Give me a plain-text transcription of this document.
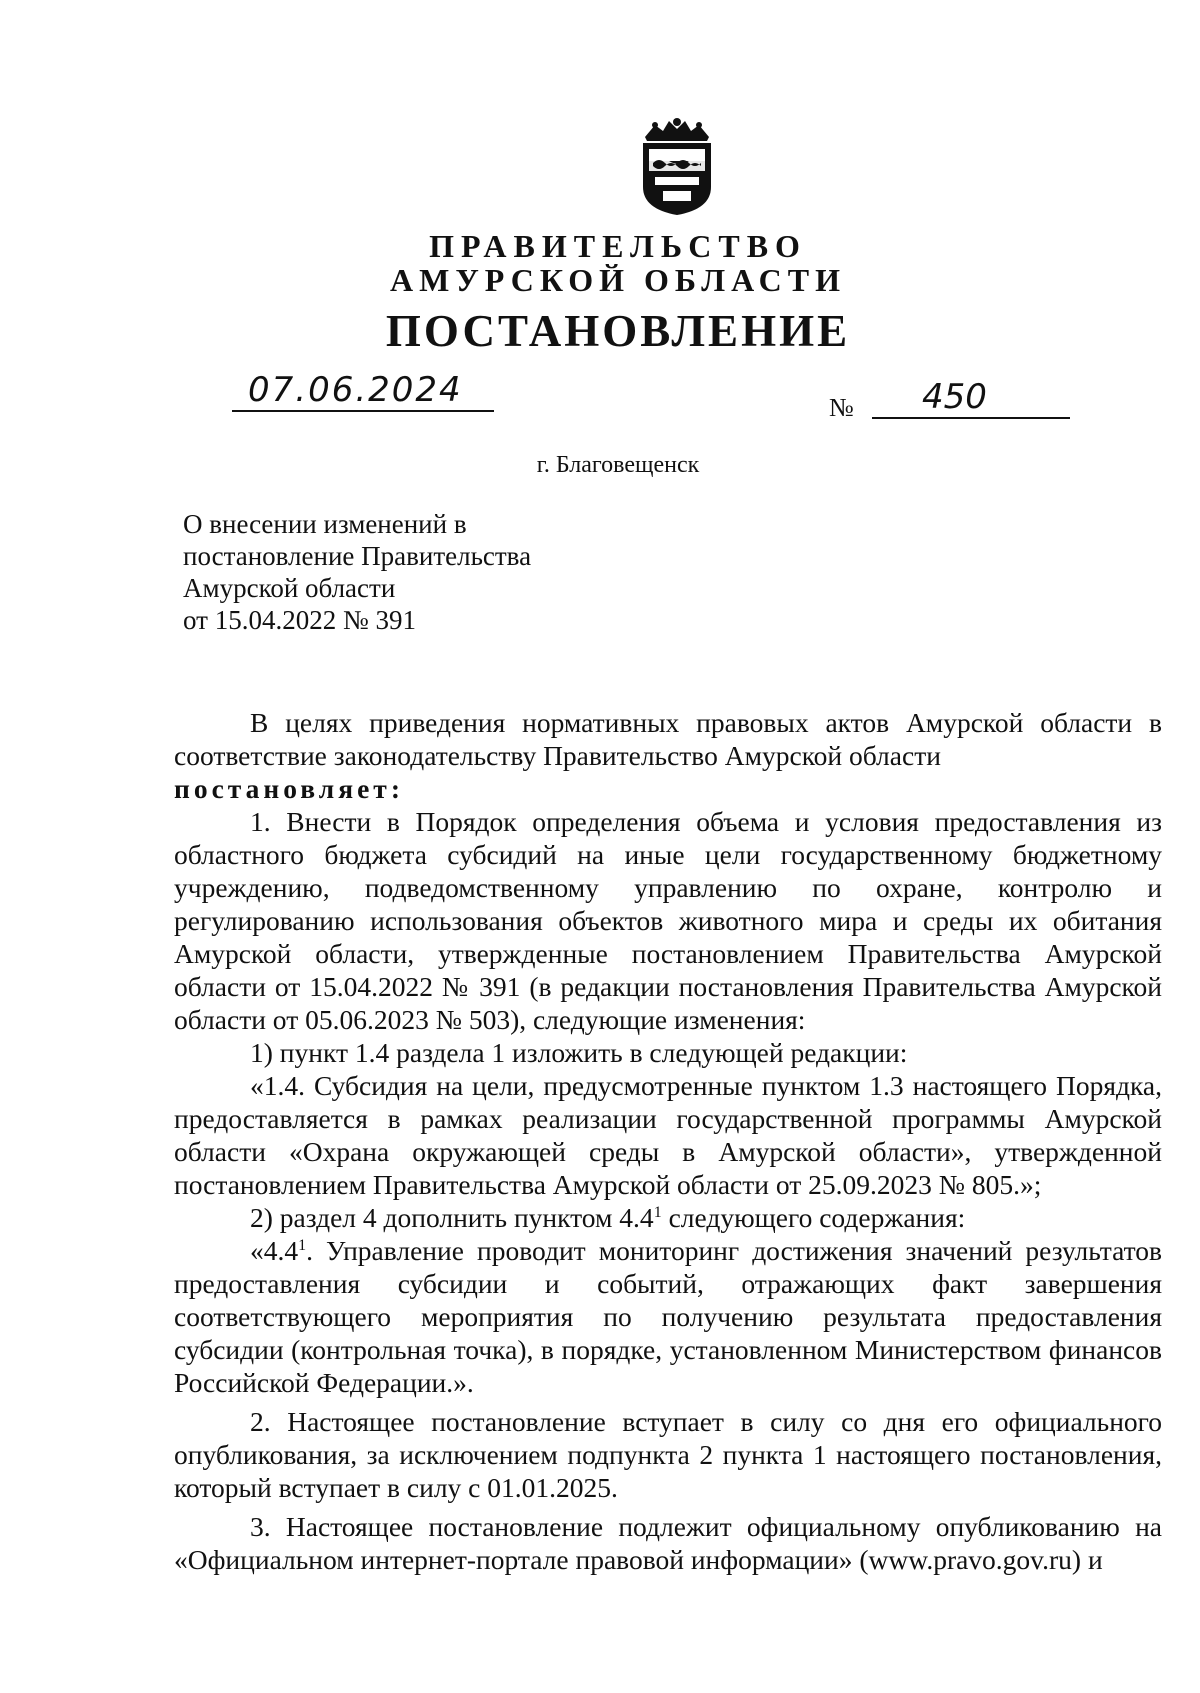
ПРАВИТЕЛЬСТВО
АМУРСКОЙ ОБЛАСТИ
ПОСТАНОВЛЕНИЕ
07.06.2024	№ 450
г. Благовещенск
О внесении изменений в
постановление Правительства
Амурской области
от 15.04.2022 № 391
В целях приведения нормативных правовых актов Амурской области в соответствие законодательству Правительство Амурской области
постановляет:
1. Внести в Порядок определения объема и условия предоставления из областного бюджета субсидий на иные цели государственному бюджетному учреждению, подведомственному управлению по охране, контролю и регулированию использования объектов животного мира и среды их обитания Амурской области, утвержденные постановлением Правительства Амурской области от 15.04.2022 № 391 (в редакции постановления Правительства Амурской области от 05.06.2023 № 503), следующие изменения:
1) пункт 1.4 раздела 1 изложить в следующей редакции:
«1.4. Субсидия на цели, предусмотренные пунктом 1.3 настоящего Порядка, предоставляется в рамках реализации государственной программы Амурской области «Охрана окружающей среды в Амурской области», утвержденной постановлением Правительства Амурской области от 25.09.2023 № 805.»;
2) раздел 4 дополнить пунктом $4.4^1$ следующего содержания:
«$4.4^1$. Управление проводит мониторинг достижения значений результатов предоставления субсидии и событий, отражающих факт завершения соответствующего мероприятия по получению результата предоставления субсидии (контрольная точка), в порядке, установленном Министерством финансов Российской Федерации.».
2. Настоящее постановление вступает в силу со дня его официального опубликования, за исключением подпункта 2 пункта 1 настоящего постановления, который вступает в силу с 01.01.2025.
3. Настоящее постановление подлежит официальному опубликованию на «Официальном интернет-портале правовой информации» (www.pravo.gov.ru) и
